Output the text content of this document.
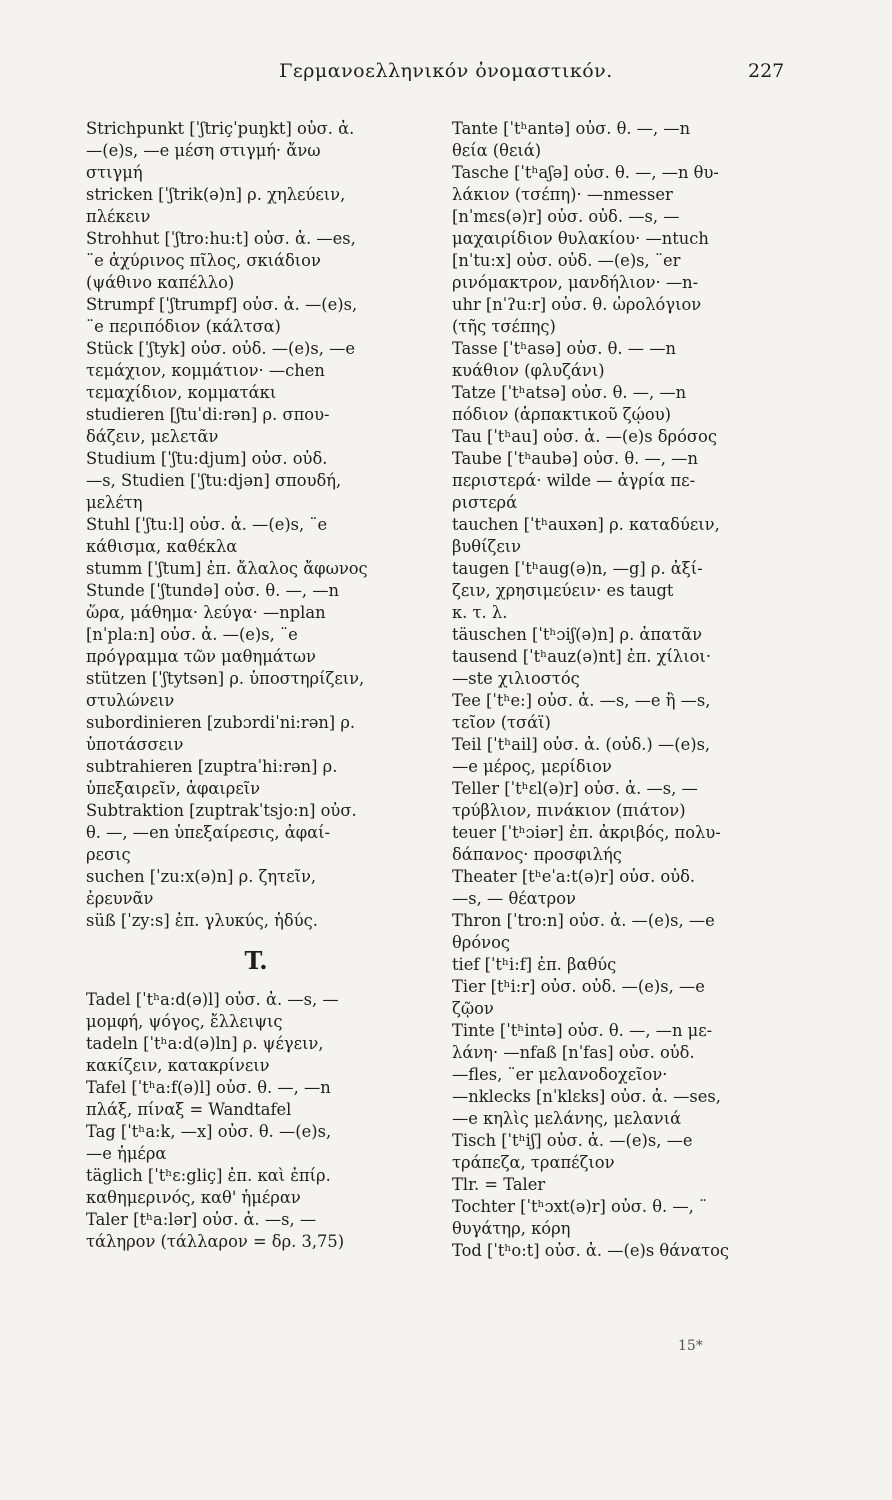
Γερμανοελληνικόν ὀνομαστικόν.	227
Strichpunkt [ˈʃtriçˈpuŋkt] οὐσ. ἀ.
—(e)s, —e μέση στιγμή· ἄνω
στιγμή
stricken [ˈʃtrik(ə)n] ρ. χηλεύειν,
πλέκειν
Strohhut [ˈʃtro:hu:t] οὐσ. ἀ. —es,
¨e ἀχύρινος πῖλος, σκιάδιον
(ψάθινο καπέλλο)
Strumpf [ˈʃtrumpf] οὐσ. ἀ. —(e)s,
¨e περιπόδιον (κάλτσα)
Stück [ˈʃtyk] οὐσ. οὐδ. —(e)s, —e
τεμάχιον, κομμάτιον· —chen
τεμαχίδιον, κομματάκι
studieren [ʃtuˈdi:rən] ρ. σπου-
δάζειν, μελετᾶν
Studium [ˈʃtu:djum] οὐσ. οὐδ.
—s, Studien [ˈʃtu:djən] σπουδή,
μελέτη
Stuhl [ˈʃtu:l] οὐσ. ἀ. —(e)s, ¨e
κάθισμα, καθέκλα
stumm [ˈʃtum] ἐπ. ἄλαλος ἄφωνος
Stunde [ˈʃtundə] οὐσ. θ. —, —n
ὥρα, μάθημα· λεύγα· —nplan
[nˈpla:n] οὐσ. ἀ. —(e)s, ¨e
πρόγραμμα τῶν μαθημάτων
stützen [ˈʃtytsən] ρ. ὑποστηρίζειν,
στυλώνειν
subordinieren [zubɔrdiˈni:rən] ρ.
ὑποτάσσειν
subtrahieren [zuptraˈhi:rən] ρ.
ὑπεξαιρεῖν, ἀφαιρεῖν
Subtraktion [zuptrakˈtsjo:n] οὐσ.
θ. —, —en ὑπεξαίρεσις, ἀφαί-
ρεσις
suchen [ˈzu:x(ə)n] ρ. ζητεῖν,
ἐρευνᾶν
süß [ˈzy:s] ἐπ. γλυκύς, ἡδύς.
T.
Tadel [ˈtʰa:d(ə)l] οὐσ. ἀ. —s, —
μομφή, ψόγος, ἔλλειψις
tadeln [ˈtʰa:d(ə)ln] ρ. ψέγειν,
κακίζειν, κατακρίνειν
Tafel [ˈtʰa:f(ə)l] οὐσ. θ. —, —n
πλάξ, πίναξ = Wandtafel
Tag [ˈtʰa:k, —x] οὐσ. θ. —(e)s,
—e ἡμέρα
täglich [ˈtʰɛ:gliç] ἐπ. καὶ ἐπίρ.
καθημερινός, καθ' ἡμέραν
Taler [tʰa:lər] οὐσ. ἀ. —s, —
τάληρον (τάλλαρον = δρ. 3,75)
Tante [ˈtʰantə] οὐσ. θ. —, —n
θεία (θειά)
Tasche [ˈtʰaʃə] οὐσ. θ. —, —n θυ-
λάκιον (τσέπη)· —nmesser
[nˈmɛs(ə)r] οὐσ. οὐδ. —s, —
μαχαιρίδιον θυλακίου· —ntuch
[nˈtu:x] οὐσ. οὐδ. —(e)s, ¨er
ρινόμακτρον, μανδήλιον· —n-
uhr [nˈʔu:r] οὐσ. θ. ὡρολόγιον
(τῆς τσέπης)
Tasse [ˈtʰasə] οὐσ. θ. — —n
κυάθιον (φλυζάνι)
Tatze [ˈtʰatsə] οὐσ. θ. —, —n
πόδιον (ἁρπακτικοῦ ζῴου)
Tau [ˈtʰau] οὐσ. ἀ. —(e)s δρόσος
Taube [ˈtʰaubə] οὐσ. θ. —, —n
περιστερά· wilde — ἀγρία πε-
ριστερά
tauchen [ˈtʰauxən] ρ. καταδύειν,
βυθίζειν
taugen [ˈtʰaug(ə)n, —g] ρ. ἀξί-
ζειν, χρησιμεύειν· es taugt
κ. τ. λ.
täuschen [ˈtʰɔiʃ(ə)n] ρ. ἀπατᾶν
tausend [ˈtʰauz(ə)nt] ἐπ. χίλιοι·
—ste χιλιοστός
Tee [ˈtʰe:] οὐσ. ἀ. —s, —e ἢ —s,
τεῖον (τσάϊ)
Teil [ˈtʰail] οὐσ. ἀ. (οὐδ.) —(e)s,
—e μέρος, μερίδιον
Teller [ˈtʰɛl(ə)r] οὐσ. ἀ. —s, —
τρύβλιον, πινάκιον (πιάτον)
teuer [ˈtʰɔiər] ἐπ. ἀκριβός, πολυ-
δάπανος· προσφιλής
Theater [tʰeˈa:t(ə)r] οὐσ. οὐδ.
—s, — θέατρον
Thron [ˈtro:n] οὐσ. ἀ. —(e)s, —e
θρόνος
tief [ˈtʰi:f] ἐπ. βαθύς
Tier [tʰi:r] οὐσ. οὐδ. —(e)s, —e
ζῷον
Tinte [ˈtʰintə] οὐσ. θ. —, —n με-
λάνη· —nfaß [nˈfas] οὐσ. οὐδ.
—fles, ¨er μελανοδοχεῖον·
—nklecks [nˈklɛks] οὐσ. ἀ. —ses,
—e κηλὶς μελάνης, μελανιά
Tisch [ˈtʰiʃ] οὐσ. ἀ. —(e)s, —e
τράπεζα, τραπέζιον
Tlr. = Taler
Tochter [ˈtʰɔxt(ə)r] οὐσ. θ. —, ¨
θυγάτηρ, κόρη
Tod [ˈtʰo:t] οὐσ. ἀ. —(e)s θάνατος
15*
